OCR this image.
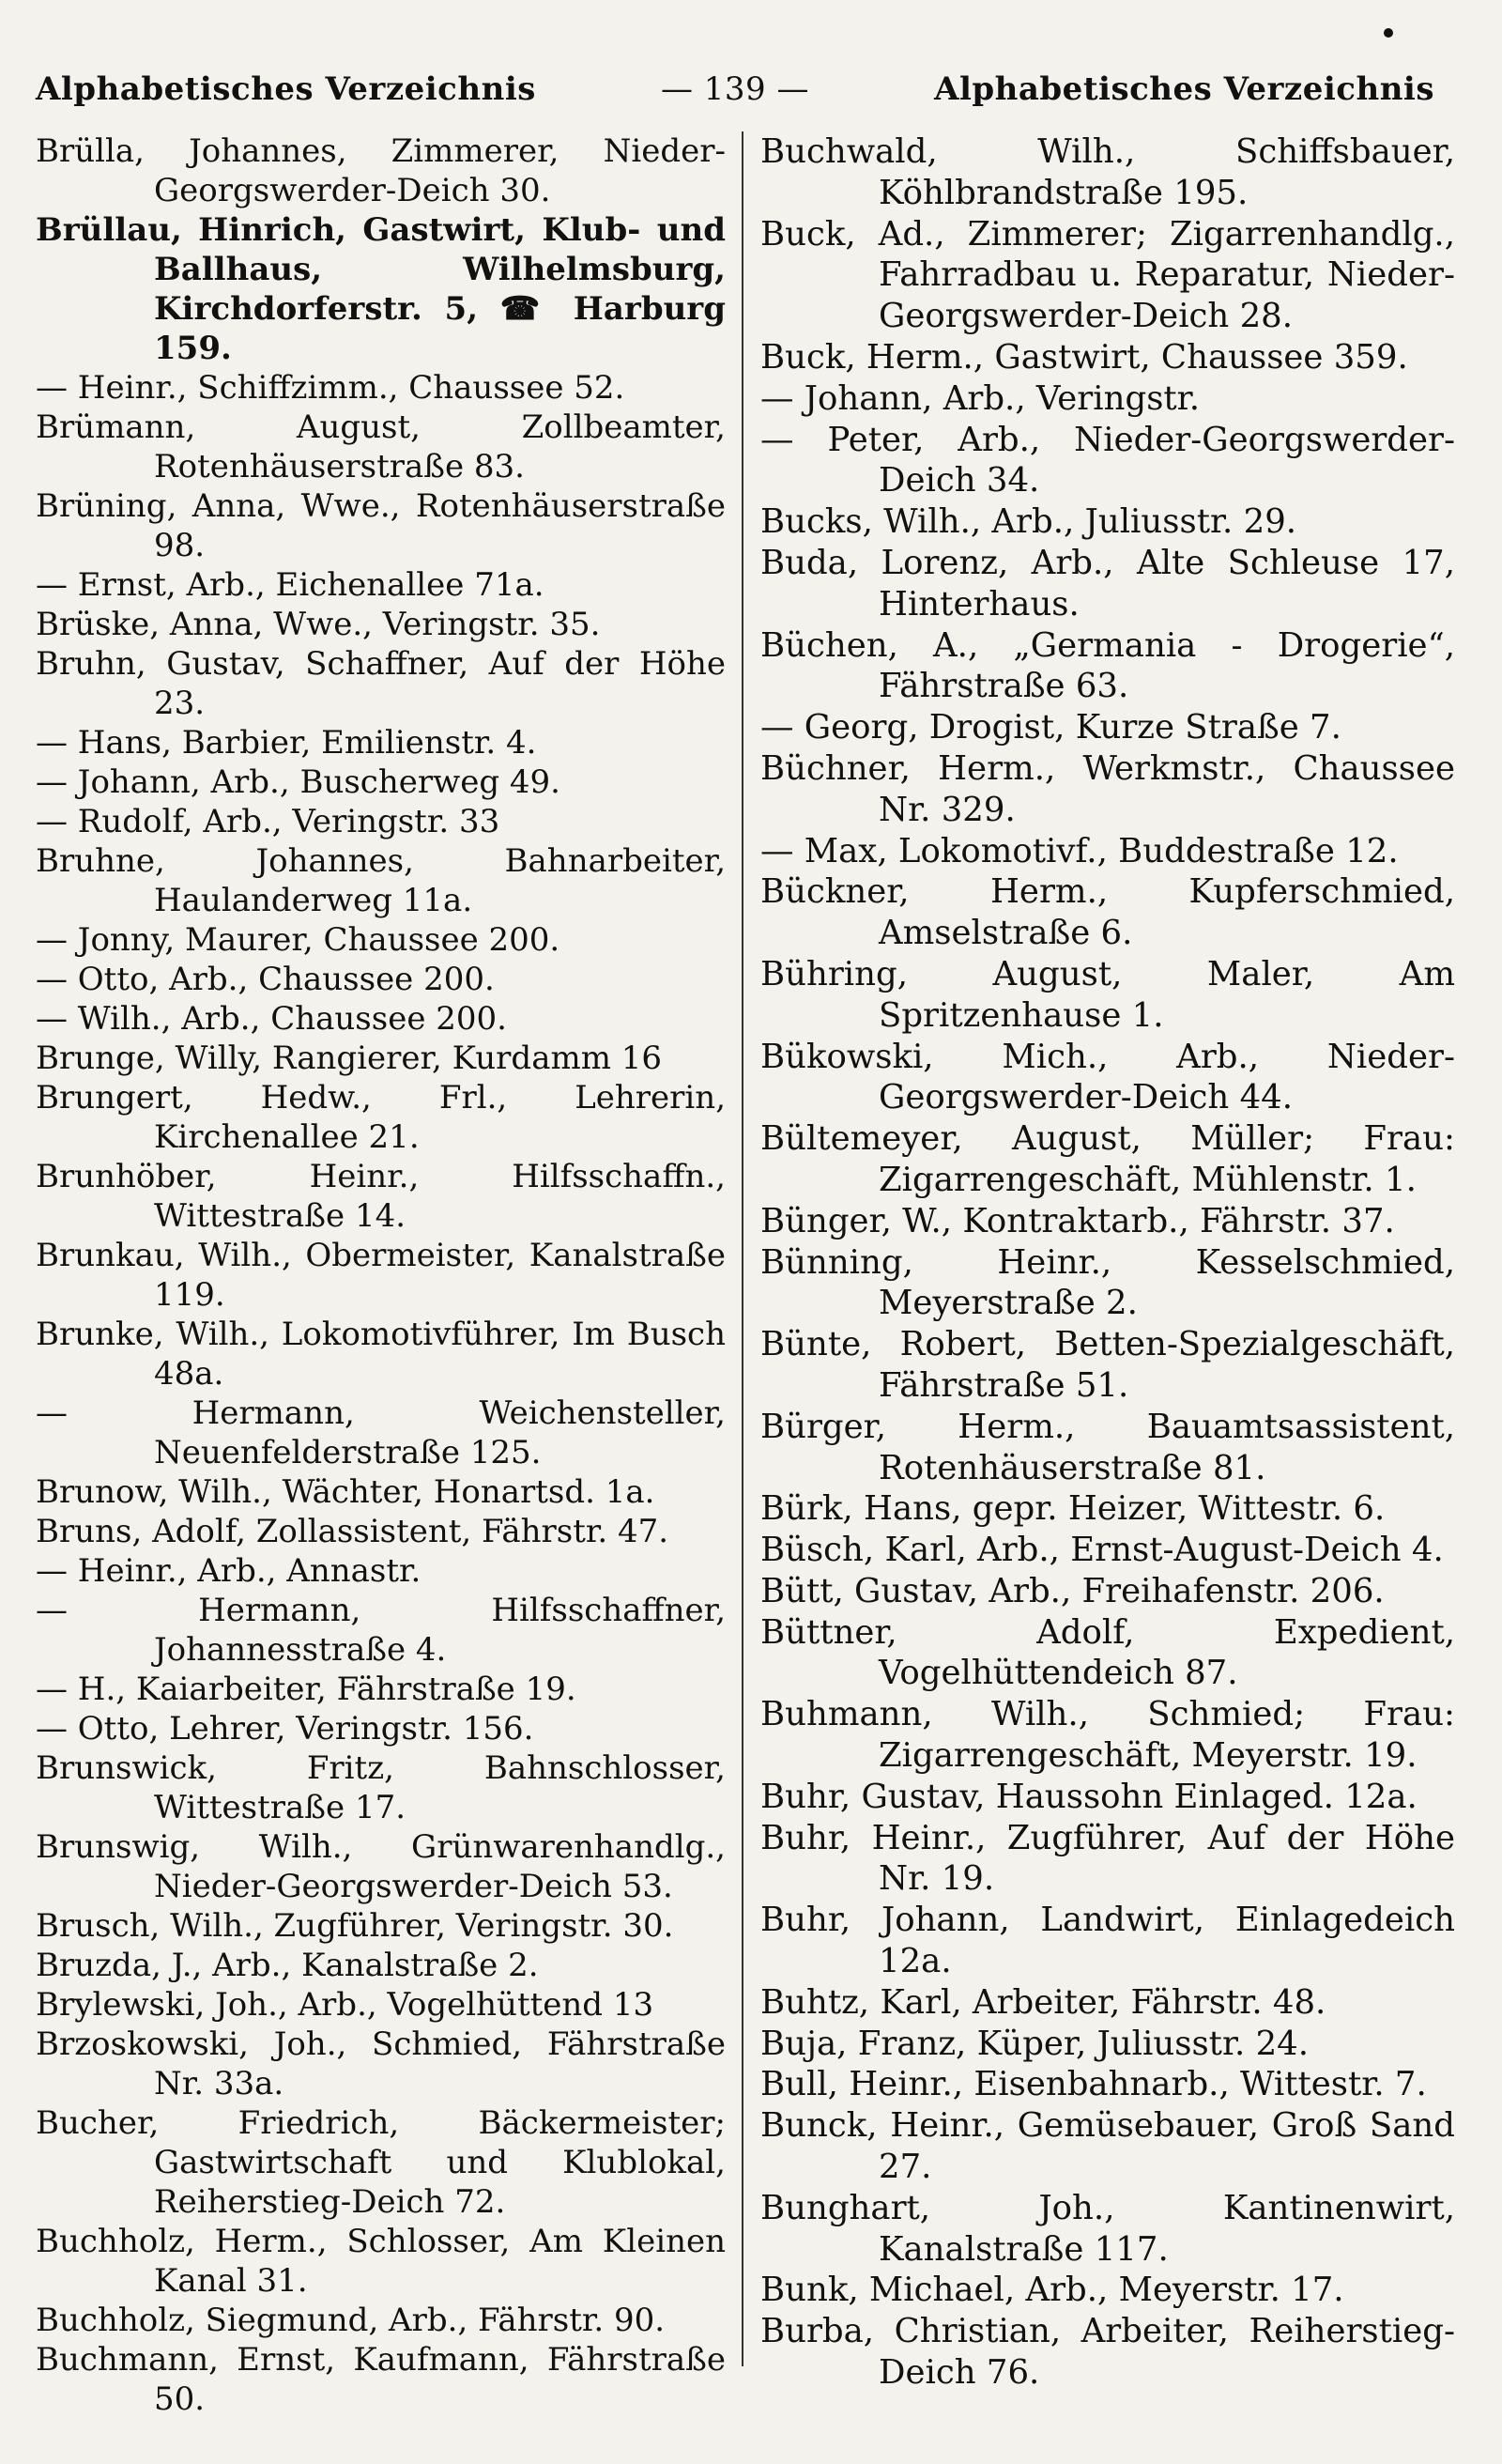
Alphabetisches Verzeichnis	— 139 —	Alphabetisches Verzeichnis
Brülla, Johannes, Zimmerer, Nieder-Georgswerder-Deich 30.
Brüllau, Hinrich, Gastwirt, Klub- und Ballhaus, Wilhelmsburg, Kirchdorferstr. 5, ☎ Harburg 159.
— Heinr., Schiffzimm., Chaussee 52.
Brümann, August, Zollbeamter, Rotenhäuserstraße 83.
Brüning, Anna, Wwe., Rotenhäuserstraße 98.
— Ernst, Arb., Eichenallee 71a.
Brüske, Anna, Wwe., Veringstr. 35.
Bruhn, Gustav, Schaffner, Auf der Höhe 23.
— Hans, Barbier, Emilienstr. 4.
— Johann, Arb., Buscherweg 49.
— Rudolf, Arb., Veringstr. 33
Bruhne, Johannes, Bahnarbeiter, Haulanderweg 11a.
— Jonny, Maurer, Chaussee 200.
— Otto, Arb., Chaussee 200.
— Wilh., Arb., Chaussee 200.
Brunge, Willy, Rangierer, Kurdamm 16
Brungert, Hedw., Frl., Lehrerin, Kirchenallee 21.
Brunhöber, Heinr., Hilfsschaffn., Wittestraße 14.
Brunkau, Wilh., Obermeister, Kanalstraße 119.
Brunke, Wilh., Lokomotivführer, Im Busch 48a.
— Hermann, Weichensteller, Neuenfelderstraße 125.
Brunow, Wilh., Wächter, Honartsd. 1a.
Bruns, Adolf, Zollassistent, Fährstr. 47.
— Heinr., Arb., Annastr.
— Hermann, Hilfsschaffner, Johannesstraße 4.
— H., Kaiarbeiter, Fährstraße 19.
— Otto, Lehrer, Veringstr. 156.
Brunswick, Fritz, Bahnschlosser, Wittestraße 17.
Brunswig, Wilh., Grünwarenhandlg., Nieder-Georgswerder-Deich 53.
Brusch, Wilh., Zugführer, Veringstr. 30.
Bruzda, J., Arb., Kanalstraße 2.
Brylewski, Joh., Arb., Vogelhüttend 13
Brzoskowski, Joh., Schmied, Fährstraße Nr. 33a.
Bucher, Friedrich, Bäckermeister; Gastwirtschaft und Klublokal, Reiherstieg-Deich 72.
Buchholz, Herm., Schlosser, Am Kleinen Kanal 31.
Buchholz, Siegmund, Arb., Fährstr. 90.
Buchmann, Ernst, Kaufmann, Fährstraße 50.
Buchwald, Wilh., Schiffsbauer, Köhlbrandstraße 195.
Buck, Ad., Zimmerer; Zigarrenhandlg., Fahrradbau u. Reparatur, Nieder-Georgswerder-Deich 28.
Buck, Herm., Gastwirt, Chaussee 359.
— Johann, Arb., Veringstr.
— Peter, Arb., Nieder-Georgswerder-Deich 34.
Bucks, Wilh., Arb., Juliusstr. 29.
Buda, Lorenz, Arb., Alte Schleuse 17, Hinterhaus.
Büchen, A., „Germania - Drogerie“, Fährstraße 63.
— Georg, Drogist, Kurze Straße 7.
Büchner, Herm., Werkmstr., Chaussee Nr. 329.
— Max, Lokomotivf., Buddestraße 12.
Bückner, Herm., Kupferschmied, Amselstraße 6.
Bühring, August, Maler, Am Spritzenhause 1.
Bükowski, Mich., Arb., Nieder-Georgswerder-Deich 44.
Bültemeyer, August, Müller; Frau: Zigarrengeschäft, Mühlenstr. 1.
Bünger, W., Kontraktarb., Fährstr. 37.
Bünning, Heinr., Kesselschmied, Meyerstraße 2.
Bünte, Robert, Betten-Spezialgeschäft, Fährstraße 51.
Bürger, Herm., Bauamtsassistent, Rotenhäuserstraße 81.
Bürk, Hans, gepr. Heizer, Wittestr. 6.
Büsch, Karl, Arb., Ernst-August-Deich 4.
Bütt, Gustav, Arb., Freihafenstr. 206.
Büttner, Adolf, Expedient, Vogelhüttendeich 87.
Buhmann, Wilh., Schmied; Frau: Zigarrengeschäft, Meyerstr. 19.
Buhr, Gustav, Haussohn Einlaged. 12a.
Buhr, Heinr., Zugführer, Auf der Höhe Nr. 19.
Buhr, Johann, Landwirt, Einlagedeich 12a.
Buhtz, Karl, Arbeiter, Fährstr. 48.
Buja, Franz, Küper, Juliusstr. 24.
Bull, Heinr., Eisenbahnarb., Wittestr. 7.
Bunck, Heinr., Gemüsebauer, Groß Sand 27.
Bunghart, Joh., Kantinenwirt, Kanalstraße 117.
Bunk, Michael, Arb., Meyerstr. 17.
Burba, Christian, Arbeiter, Reiherstieg-Deich 76.
